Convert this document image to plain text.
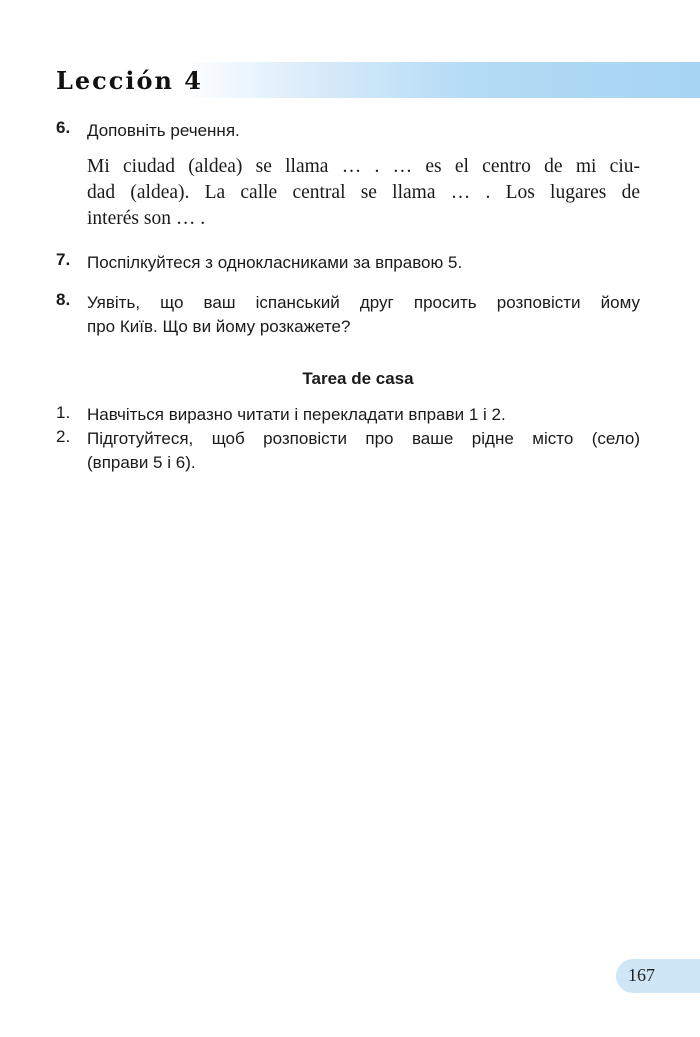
Lección 4
6. Доповніть речення.
Mi ciudad (aldea) se llama … . … es el centro de mi ciu-
dad (aldea). La calle central se llama … . Los lugares de
interés son … .
7. Поспілкуйтеся з однокласниками за вправою 5.
8. Уявіть, що ваш іспанський друг просить розповісти йому
про Київ. Що ви йому розкажете?
Tarea de casa
1. Навчіться виразно читати і перекладати вправи 1 і 2.
2. Підготуйтеся, щоб розповісти про ваше рідне місто (село)
(вправи 5 і 6).
167
